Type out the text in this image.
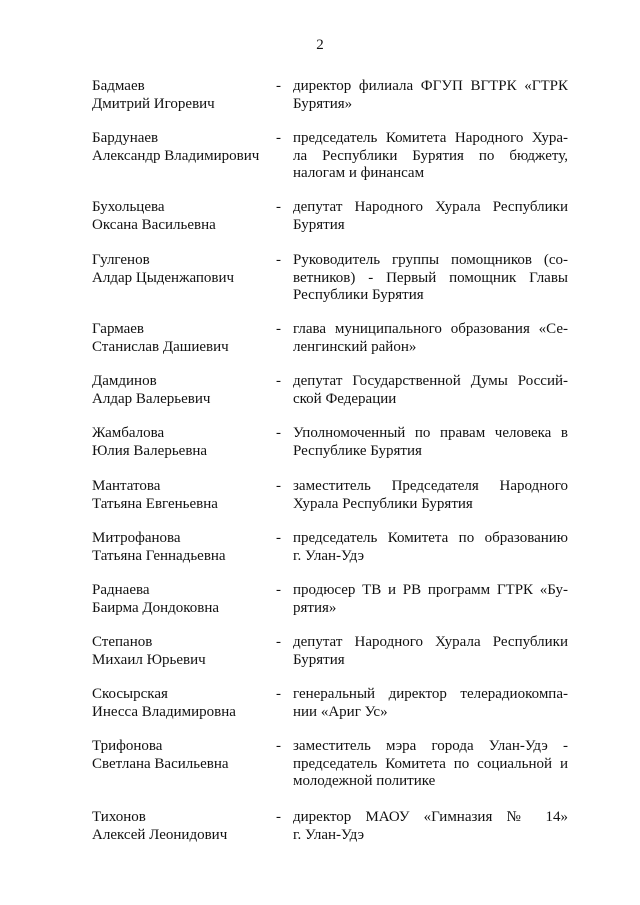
2
Бадмаев
Дмитрий Игоревич
- директор филиала ФГУП ВГТРК «ГТРК
Бурятия»
Бардунаев
Александр Владимирович
- председатель Комитета Народного Хура-
ла Республики Бурятия по бюджету,
налогам и финансам
Бухольцева
Оксана Васильевна
- депутат Народного Хурала Республики
Бурятия
Гулгенов
Алдар Цыденжапович
- Руководитель группы помощников (со-
ветников) - Первый помощник Главы
Республики Бурятия
Гармаев
Станислав Дашиевич
- глава муниципального образования «Се-
ленгинский район»
Дамдинов
Алдар Валерьевич
- депутат Государственной Думы Россий-
ской Федерации
Жамбалова
Юлия Валерьевна
- Уполномоченный по правам человека в
Республике Бурятия
Мантатова
Татьяна Евгеньевна
- заместитель Председателя Народного
Хурала Республики Бурятия
Митрофанова
Татьяна Геннадьевна
- председатель Комитета по образованию
г. Улан-Удэ
Раднаева
Баирма Дондоковна
- продюсер ТВ и РВ программ ГТРК «Бу-
рятия»
Степанов
Михаил Юрьевич
- депутат Народного Хурала Республики
Бурятия
Скосырская
Инесса Владимировна
- генеральный директор телерадиокомпа-
нии «Ариг Ус»
Трифонова
Светлана Васильевна
- заместитель мэра города Улан-Удэ -
председатель Комитета по социальной и
молодежной политике
Тихонов
Алексей Леонидович
- директор МАОУ «Гимназия № 14»
г. Улан-Удэ
